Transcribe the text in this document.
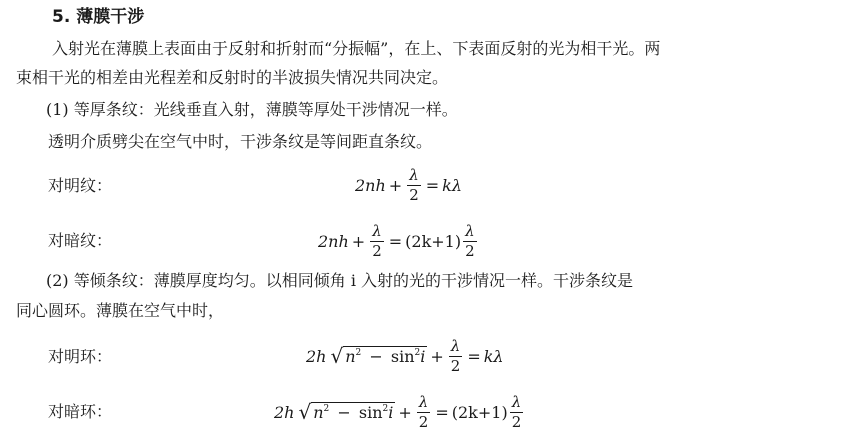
5. 薄膜干涉
入射光在薄膜上表面由于反射和折射而“分振幅”，在上、下表面反射的光为相干光。两
束相干光的相差由光程差和反射时的半波损失情况共同决定。
(1) 等厚条纹：光线垂直入射，薄膜等厚处干涉情况一样。
透明介质劈尖在空气中时，干涉条纹是等间距直条纹。
对明纹：	$2nh + \frac{\lambda}{2} = k\lambda$
对暗纹：	$2nh + \frac{\lambda}{2} = (2k+1) \frac{\lambda}{2}$
(2) 等倾条纹：薄膜厚度均匀。以相同倾角 i 入射的光的干涉情况一样。干涉条纹是
同心圆环。薄膜在空气中时，
对明环：	2h √ $n^2 - \sin^2i + \frac{\lambda}{2} = k\lambda$
对暗环：	2h √ $n^2 - \sin^2i + \frac{\lambda}{2} = (2k+1) \frac{\lambda}{2}$
